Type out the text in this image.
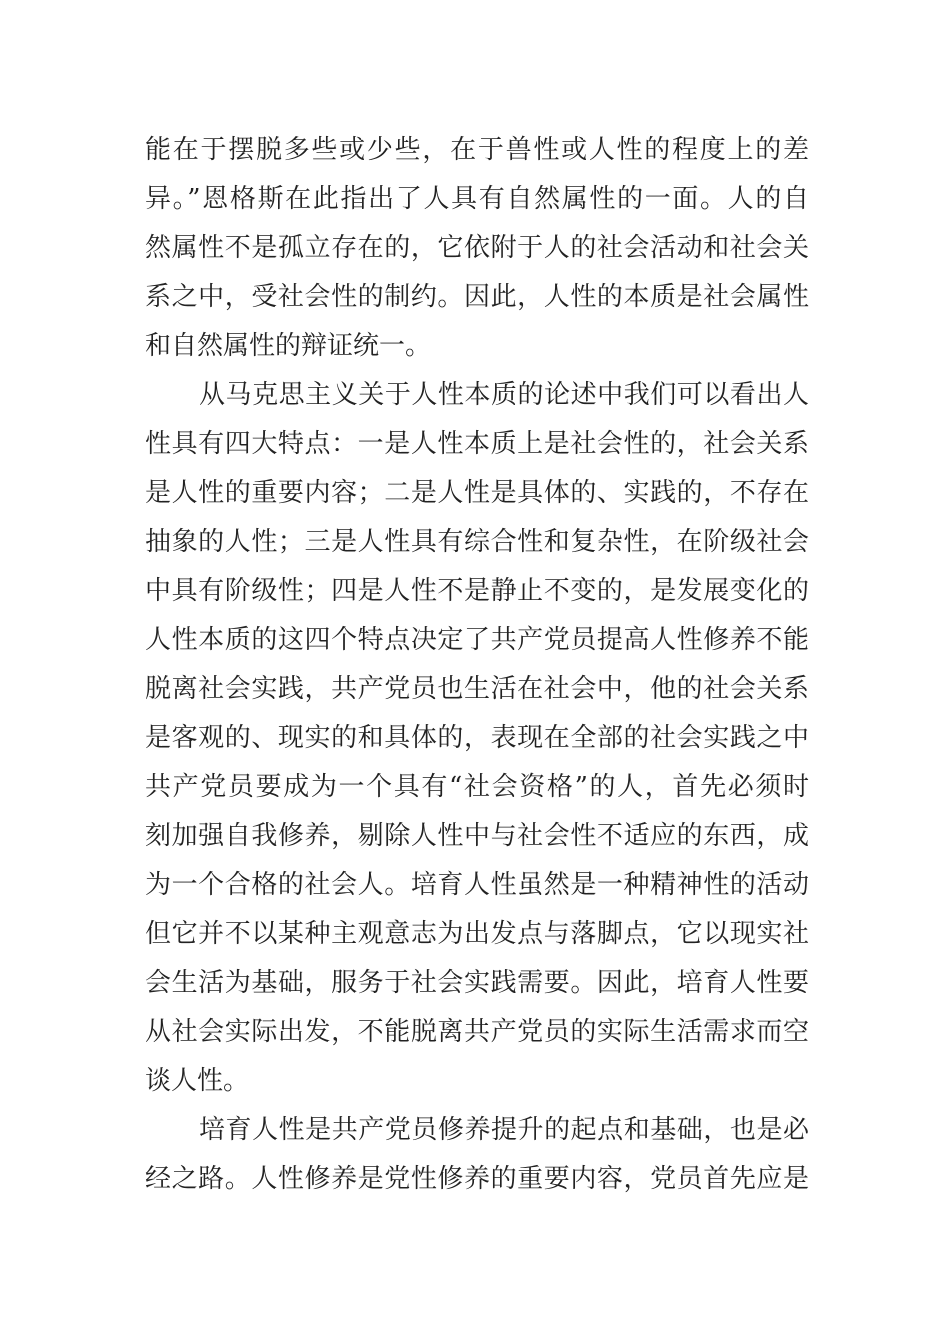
能在于摆脱多些或少些，在于兽性或人性的程度上的差
异。”恩格斯在此指出了人具有自然属性的一面。人的自
然属性不是孤立存在的，它依附于人的社会活动和社会关
系之中，受社会性的制约。因此，人性的本质是社会属性
和自然属性的辩证统一。
从马克思主义关于人性本质的论述中我们可以看出人
性具有四大特点：一是人性本质上是社会性的，社会关系
是人性的重要内容；二是人性是具体的、实践的，不存在
抽象的人性；三是人性具有综合性和复杂性，在阶级社会
中具有阶级性；四是人性不是静止不变的，是发展变化的
人性本质的这四个特点决定了共产党员提高人性修养不能
脱离社会实践，共产党员也生活在社会中，他的社会关系
是客观的、现实的和具体的，表现在全部的社会实践之中
共产党员要成为一个具有“社会资格”的人，首先必须时
刻加强自我修养，剔除人性中与社会性不适应的东西，成
为一个合格的社会人。培育人性虽然是一种精神性的活动
但它并不以某种主观意志为出发点与落脚点，它以现实社
会生活为基础，服务于社会实践需要。因此，培育人性要
从社会实际出发，不能脱离共产党员的实际生活需求而空
谈人性。
培育人性是共产党员修养提升的起点和基础，也是必
经之路。人性修养是党性修养的重要内容，党员首先应是
